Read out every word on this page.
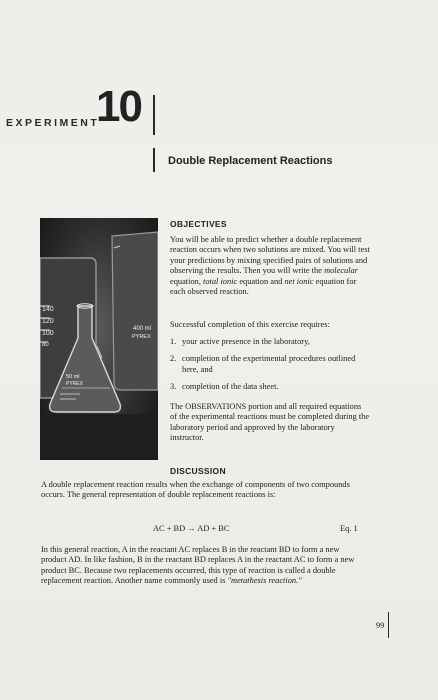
EXPERIMENT
10
Double Replacement Reactions
140
120
100
80
400 ml
PYREX
50 ml
PYREX
OBJECTIVES

You will be able to predict whether a double replacement reaction occurs when two solutions are mixed. You will test your predictions by mixing specified pairs of solutions and observing the results. Then you will write the molecular equation, total ionic equation and net ionic equation for each observed reaction.

Successful completion of this exercise requires:
1. your active presence in the laboratory,
2. completion of the experimental procedures outlined here, and
3. completion of the data sheet.
The OBSERVATIONS portion and all required equations of the experimental reactions must be completed during the laboratory period and approved by the laboratory instructor.
DISCUSSION

A double replacement reaction results when the exchange of components of two compounds occurs. The general representation of double replacement reactions is:

AC + BD → AD + BC	Eq. 1

In this general reaction, A in the reactant AC replaces B in the reactant BD to form a new product AD. In like fashion, B in the reactant BD replaces A in the reactant AC to form a new product BC. Because two replacements occurred, this type of reaction is called a double replacement reaction. Another name commonly used is "metathesis reaction."

99
